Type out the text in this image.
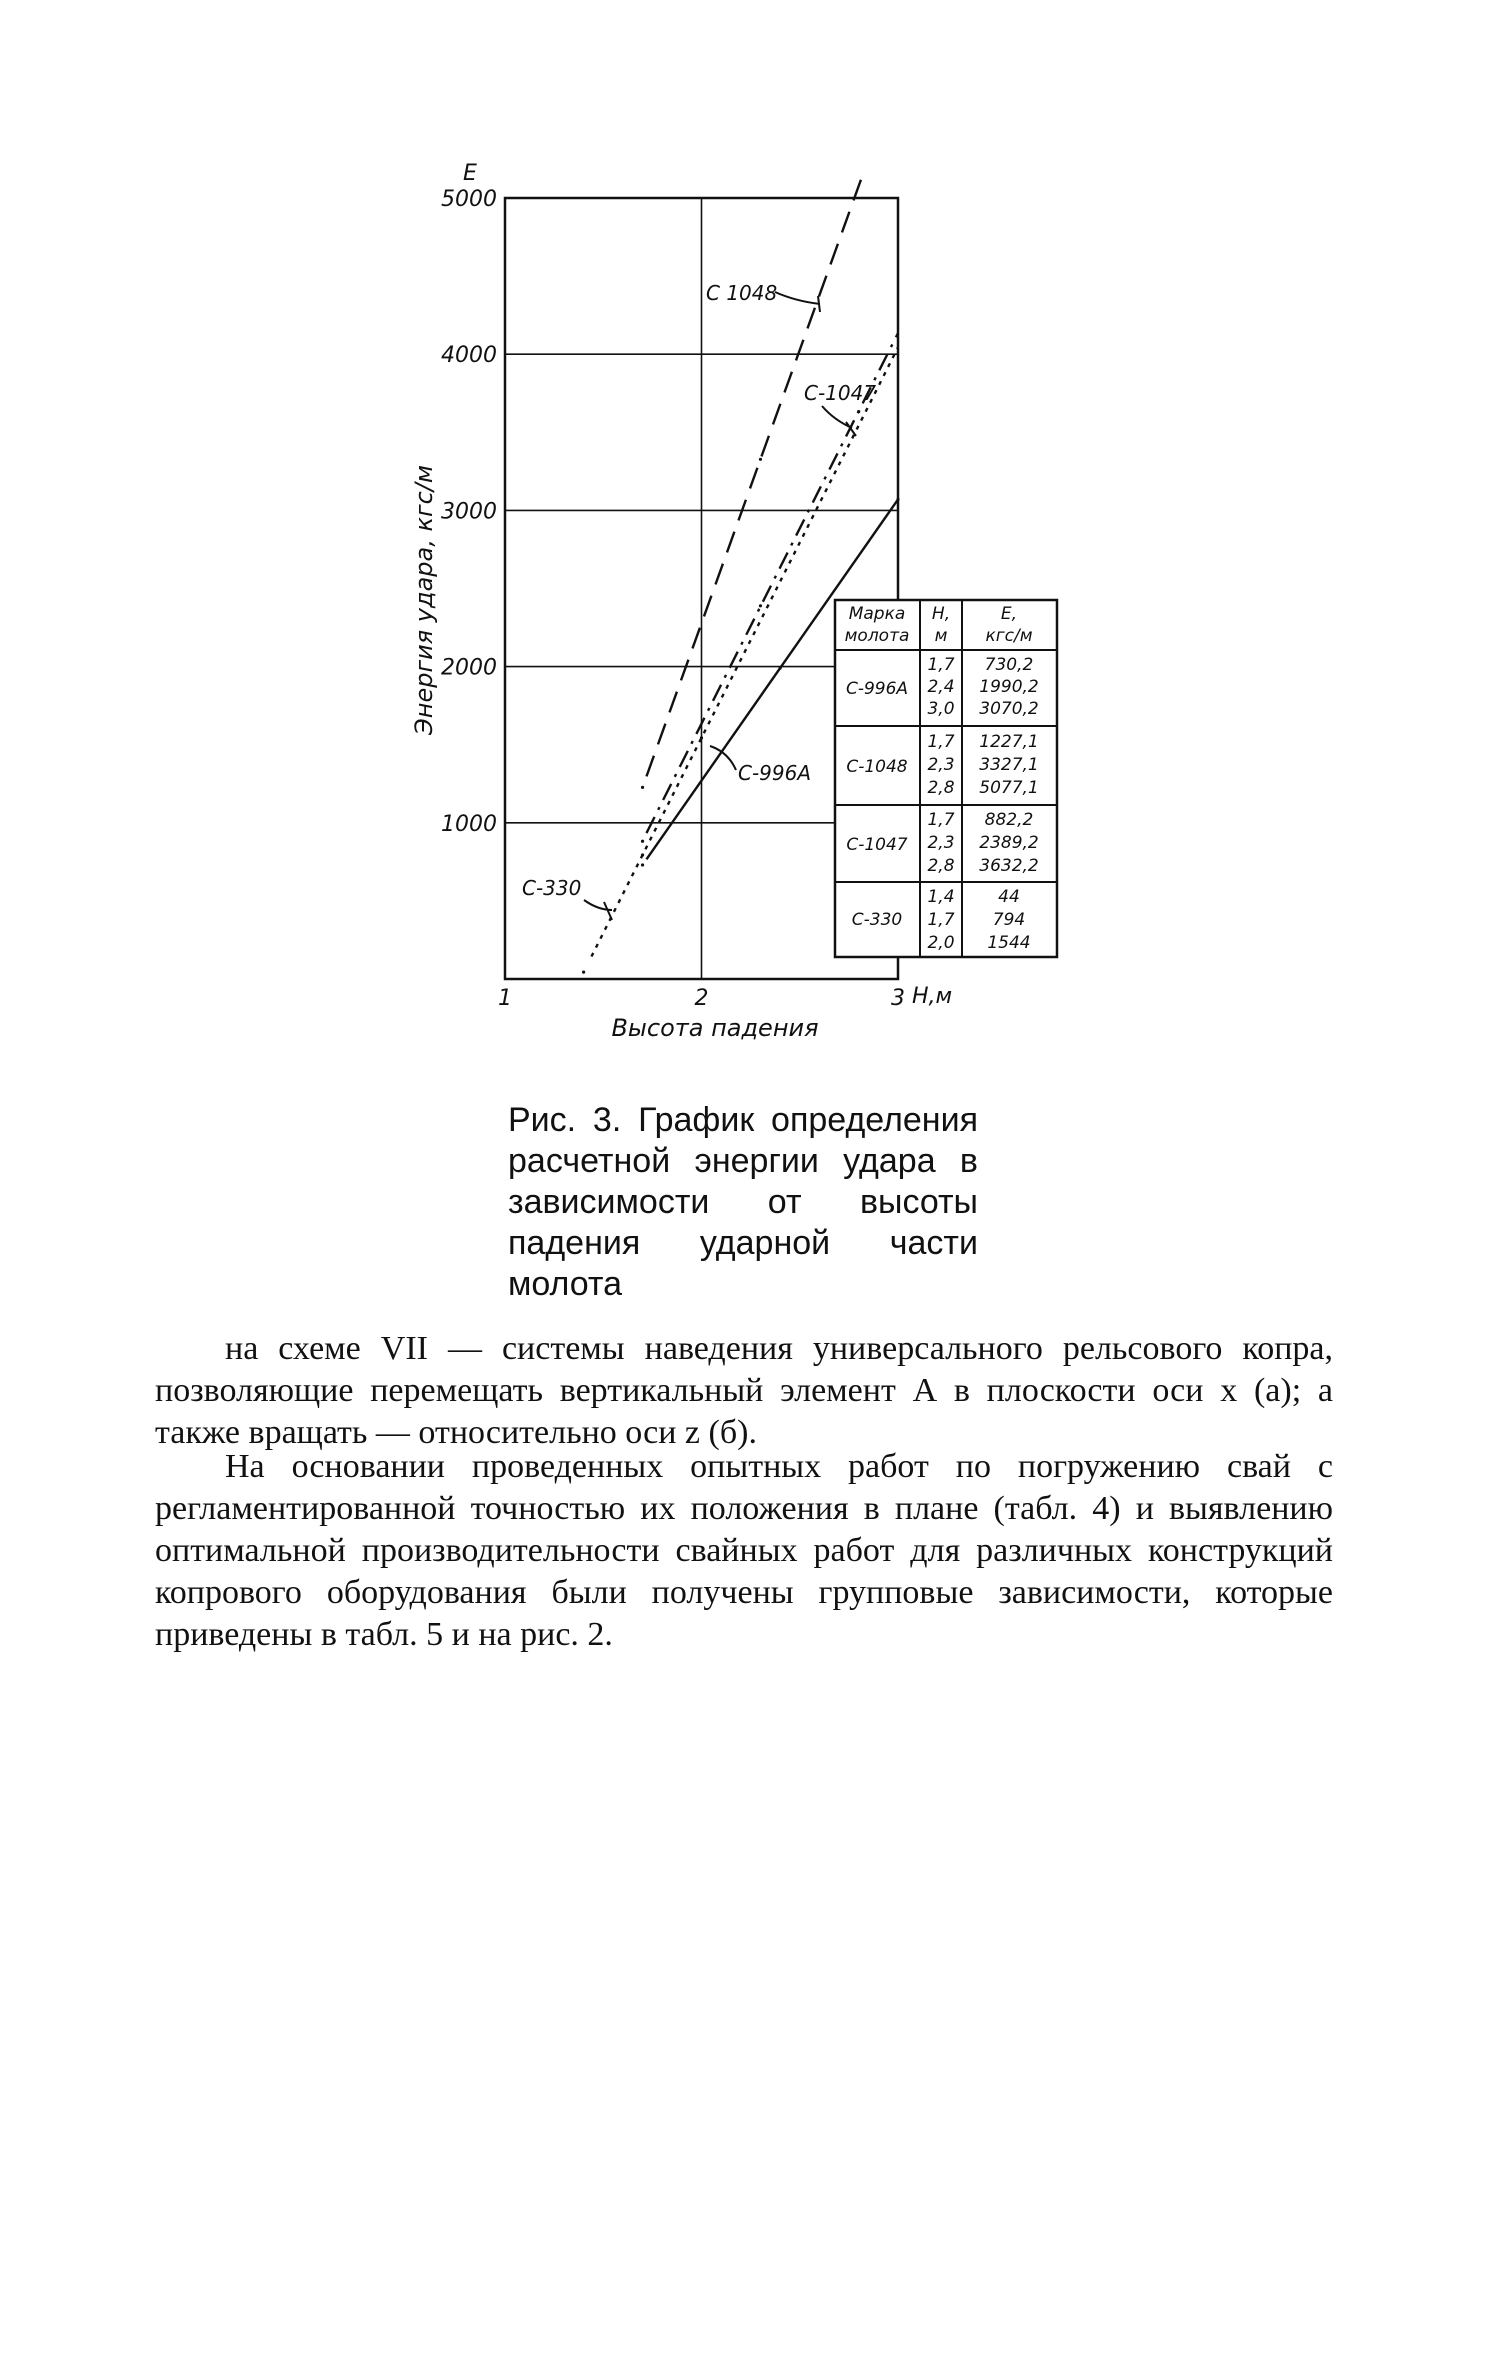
1000
2000
3000
4000
5000
1	2	3
E
Н,м
Энергия удара, кгс/м
Высота падения
С 1048
С-1047
С-996А
С-330
Марка
молота
Н,
м
Е,
кгс/м
С-996А
1,7
2,4
3,0
730,2
1990,2
3070,2
С-1048
1,7
2,3
2,8
1227,1
3327,1
5077,1
С-1047
1,7
2,3
2,8
882,2
2389,2
3632,2
С-330
1,4
1,7
2,0
44
794
1544

Рис. 3. График определения расчетной энергии удара в зависимости от высоты падения ударной части молота

на схеме VII — системы наведения универсального рельсового копра, позволяющие перемещать вертикальный элемент А в плоскости оси x (а); а также вращать — относительно оси z (б).

На основании проведенных опытных работ по погружению свай с регламентированной точностью их положения в плане (табл. 4) и выявлению оптимальной производительности свайных работ для различных конструкций копрового оборудования были получены групповые зависимости, которые приведены в табл. 5 и на рис. 2.
